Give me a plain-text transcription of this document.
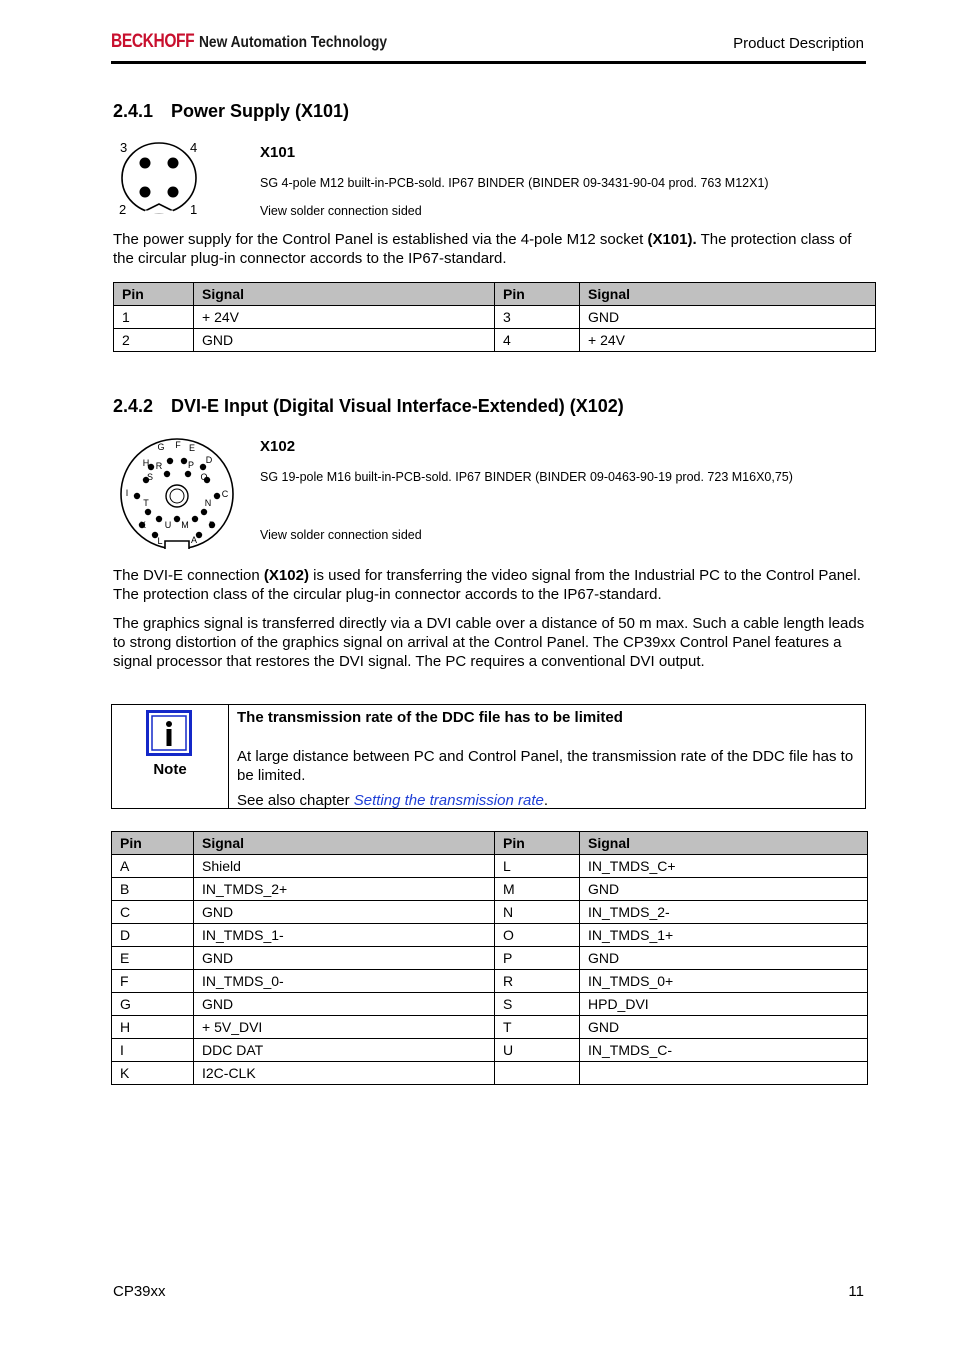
BECKHOFF New Automation Technology	Product Description
2.4.1 Power Supply (X101)
3	4
2	1
X101
SG 4-pole M12 built-in-PCB-sold. IP67 BINDER (BINDER 09-3431-90-04 prod. 763 M12X1)
View solder connection sided

The power supply for the Control Panel is established via the 4-pole M12 socket (X101). The protection class of the circular plug-in connector accords to the IP67-standard.

Pin	Signal	Pin	Signal
1	+ 24V	3	GND
2	GND	4	+ 24V
2.4.2 DVI-E Input (Digital Visual Interface-Extended) (X102)
G F E
H R	P D
S	O
I	C
T	N
K U M B
L	A
X102
SG 19-pole M16 built-in-PCB-sold. IP67 BINDER (BINDER 09-0463-90-19 prod. 723 M16X0,75)
View solder connection sided

The DVI-E connection (X102) is used for transferring the video signal from the Industrial PC to the Control Panel. The protection class of the circular plug-in connector accords to the IP67-standard.

The graphics signal is transferred directly via a DVI cable over a distance of 50 m max. Such a cable length leads to strong distortion of the graphics signal on arrival at the Control Panel. The CP39xx Control Panel features a signal processor that restores the DVI signal. The PC requires a conventional DVI output.

Note
The transmission rate of the DDC file has to be limited
At large distance between PC and Control Panel, the transmission rate of the DDC file has to be limited.
See also chapter Setting the transmission rate.
Pin	Signal	Pin	Signal
A	Shield	L	IN_TMDS_C+
B	IN_TMDS_2+	M	GND
C	GND	N	IN_TMDS_2-
D	IN_TMDS_1-	O	IN_TMDS_1+
E	GND	P	GND
F	IN_TMDS_0-	R	IN_TMDS_0+
G	GND	S	HPD_DVI
H	+ 5V_DVI	T	GND
I	DDC DAT	U	IN_TMDS_C-
K	I2C-CLK		
CP39xx	11
